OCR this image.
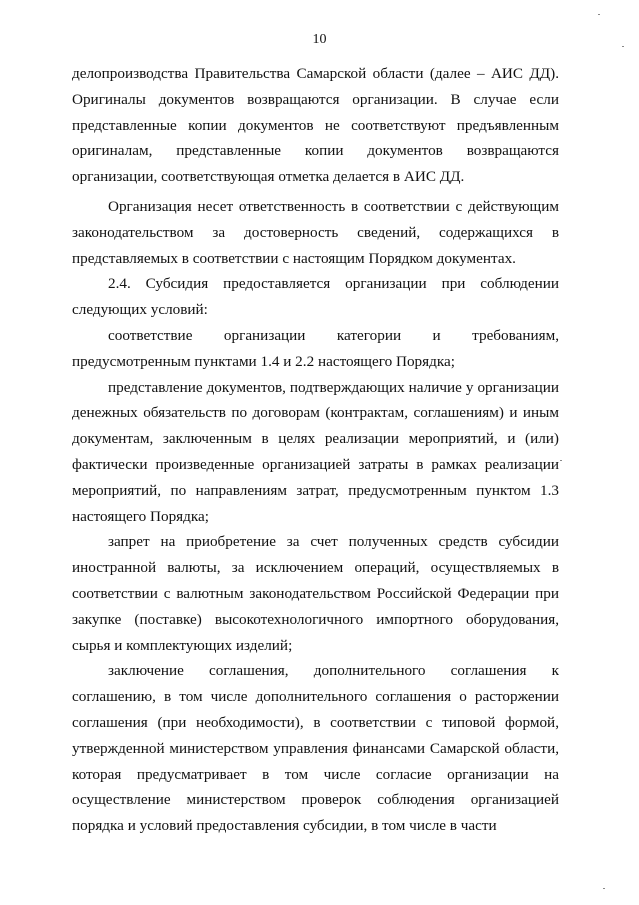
10

делопроизводства Правительства Самарской области (далее – АИС ДД). Оригиналы документов возвращаются организации. В случае если представленные копии документов не соответствуют предъявленным оригиналам, представленные копии документов возвращаются организации, соответствующая отметка делается в АИС ДД.

Организация несет ответственность в соответствии с действующим законодательством за достоверность сведений, содержащихся в представляемых в соответствии с настоящим Порядком документах.

2.4. Субсидия предоставляется организации при соблюдении следующих условий:

соответствие организации категории и требованиям, предусмотренным пунктами 1.4 и 2.2 настоящего Порядка;

представление документов, подтверждающих наличие у организации денежных обязательств по договорам (контрактам, соглашениям) и иным документам, заключенным в целях реализации мероприятий, и (или) фактически произведенные организацией затраты в рамках реализации мероприятий, по направлениям затрат, предусмотренным пунктом 1.3 настоящего Порядка;

запрет на приобретение за счет полученных средств субсидии иностранной валюты, за исключением операций, осуществляемых в соответствии с валютным законодательством Российской Федерации при закупке (поставке) высокотехнологичного импортного оборудования, сырья и комплектующих изделий;

заключение соглашения, дополнительного соглашения к соглашению, в том числе дополнительного соглашения о расторжении соглашения (при необходимости), в соответствии с типовой формой, утвержденной министерством управления финансами Самарской области, которая предусматривает в том числе согласие организации на осуществление министерством проверок соблюдения организацией порядка и условий предоставления субсидии, в том числе в части
